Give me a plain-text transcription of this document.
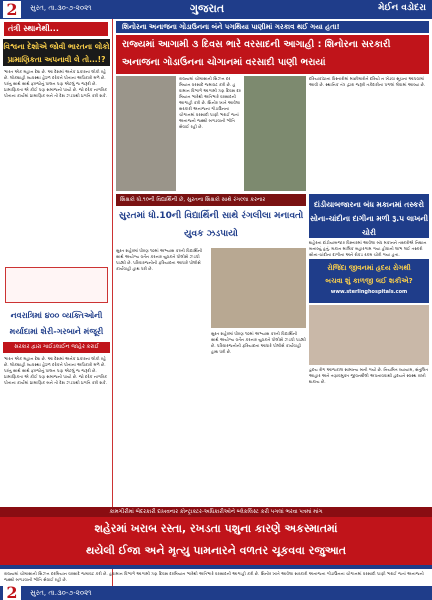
2	સુરત, તા.૩૦-૭-૨૦૨૧	ગુજરાત	મેઈન વડોદરા
તંત્રી સ્થાનેથી...
વિશ્વના દેશોએ જોવી ભારતના લોકો પ્રામાણિકતા અપનાવી લે તો...!?
ભારત એક મહાન દેશ છે. આ દેશમાં અનેક પ્રકારના લોકો રહે છે. લોકશાહી વ્યવસ્થા હેઠળ દરેકને પોતાના અધિકારો મળે છે. પરંતુ સાથે સાથે ફરજોનું પાલન પણ એટલું જ જરૂરી છે. પ્રામાણિકતા એ કોઈ પણ સમાજનો પાયો છે. જો દરેક નાગરિક પોતાના કાર્યમાં પ્રામાણિક બને તો દેશ ઝડપથી પ્રગતિ કરી શકે.
નવરાત્રિમાં ૪૦૦ વ્યક્તિઓની મર્યાદામાં શેરી-ગરબાને મંજૂરી
સરકાર દ્વારા ગાઈડલાઈન જાહેર કરાઈ
ભારત એક મહાન દેશ છે. આ દેશમાં અનેક પ્રકારના લોકો રહે છે. લોકશાહી વ્યવસ્થા હેઠળ દરેકને પોતાના અધિકારો મળે છે. પરંતુ સાથે સાથે ફરજોનું પાલન પણ એટલું જ જરૂરી છે. પ્રામાણિકતા એ કોઈ પણ સમાજનો પાયો છે. જો દરેક નાગરિક પોતાના કાર્યમાં પ્રામાણિક બને તો દેશ ઝડપથી પ્રગતિ કરી શકે.
શિનોરના અનાજના ગોડાઉનના બંને પગથિયા પાણીમાં ગરકાવ થઈ ગયા હતા!
રાજ્યમાં આગામી ૩ દિવસ ભારે વરસાદની આગાહી : શિનોરના સરકારી અનાજના ગોડાઉનના ચોગાનમાં વરસાદી પાણી ભરાયાં
રાજ્યમાં ચોમાસાની સિઝન દરમિયાન વરસાદે જમાવટ કરી છે. હવામાન વિભાગે આગામી ત્રણ દિવસ દરમિયાન ભારેથી અતિભારે વરસાદની આગાહી કરી છે. શિનોર ખાતે આવેલા સરકારી અનાજના ગોડાઉનના ચોગાનમાં વરસાદી પાણી ભરાઈ જતાં અનાજનો જથ્થો બગડવાની ભીતિ સેવાઈ રહી છે.
દરિયાકાંઠાના વિસ્તારોમાં માછીમારોને દરિયો ન ખેડવા સૂચના આપવામાં આવી છે. સ્થાનિક તંત્ર દ્વારા જરૂરી તકેદારીના પગલાં લેવામાં આવ્યા છે.
શિક્ષકો ધો.૧૦ની વિદ્યાર્થિની છે, સુરતના શિક્ષકો સાથે રંગલ્લા કરનાર
સુરતમાં ધો.10ની વિદ્યાર્થિની સાથે રંગલીલા મનાવતો યુવક ઝડપાયો
સુરત શહેરમાં ધોરણ ૧૦માં અભ્યાસ કરતી વિદ્યાર્થિની સાથે અયોગ્ય વર્તન કરનાર યુવકને પોલીસે ઝડપી પાડ્યો છે. પરિવારજનોની ફરિયાદના આધારે પોલીસે કાર્યવાહી હાથ ધરી છે.
સુરત શહેરમાં ધોરણ ૧૦માં અભ્યાસ કરતી વિદ્યાર્થિની સાથે અયોગ્ય વર્તન કરનાર યુવકને પોલીસે ઝડપી પાડ્યો છે. પરિવારજનોની ફરિયાદના આધારે પોલીસે કાર્યવાહી હાથ ધરી છે.
દાંડીયાબજારના બંધ મકાનમાં તસ્કરો સોના-ચાંદીના દાગીના મળી રૂ.૫ લાખની ચોરી
શહેરના દાંડીયાબજાર વિસ્તારમાં આવેલા બંધ મકાનને તસ્કરોએ નિશાન બનાવ્યું હતું. મકાન માલિક બહારગામ ગયા હોવાનો લાભ લઈ તસ્કરો સોના-ચાંદીના દાગીના અને રોકડ રકમ ચોરી ગયા હતા.
રોજિંદા જીવનમાં હૃદય રોગથી
બચવા શું કાળજી લઈ શકીએ?
www.sterlinghospitals.com
હૃદય રોગ આજકાલ સામાન્ય બની ગયો છે. નિયમિત વ્યાયામ, સંતુલિત આહાર અને તણાવમુક્ત જીવનશૈલી અપનાવવાથી હૃદયને સ્વસ્થ રાખી શકાય છે.
કામગીરીમાં બેદરકારી દાખવનાર કોન્ટ્રાક્ટર-અધિકારીઓને બ્લેકલિસ્ટ કરી પગલાં ભરવા પત્રમાં માંગ
શહેરમાં ખરાબ રસ્તા, રખડતા પશુના કારણે અકસ્માતમાં
થયેલી ઈજા અને મૃત્યુ પામનારને વળતર ચૂકવવા રજુઆત
રાજ્યમાં ચોમાસાની સિઝન દરમિયાન વરસાદે જમાવટ કરી છે. હવામાન વિભાગે આગામી ત્રણ દિવસ દરમિયાન ભારેથી અતિભારે વરસાદની આગાહી કરી છે. શિનોર ખાતે આવેલા સરકારી અનાજના ગોડાઉનના ચોગાનમાં વરસાદી પાણી ભરાઈ જતાં અનાજનો જથ્થો બગડવાની ભીતિ સેવાઈ રહી છે.
2	સુરત, તા.૩૦-૭-૨૦૨૧
